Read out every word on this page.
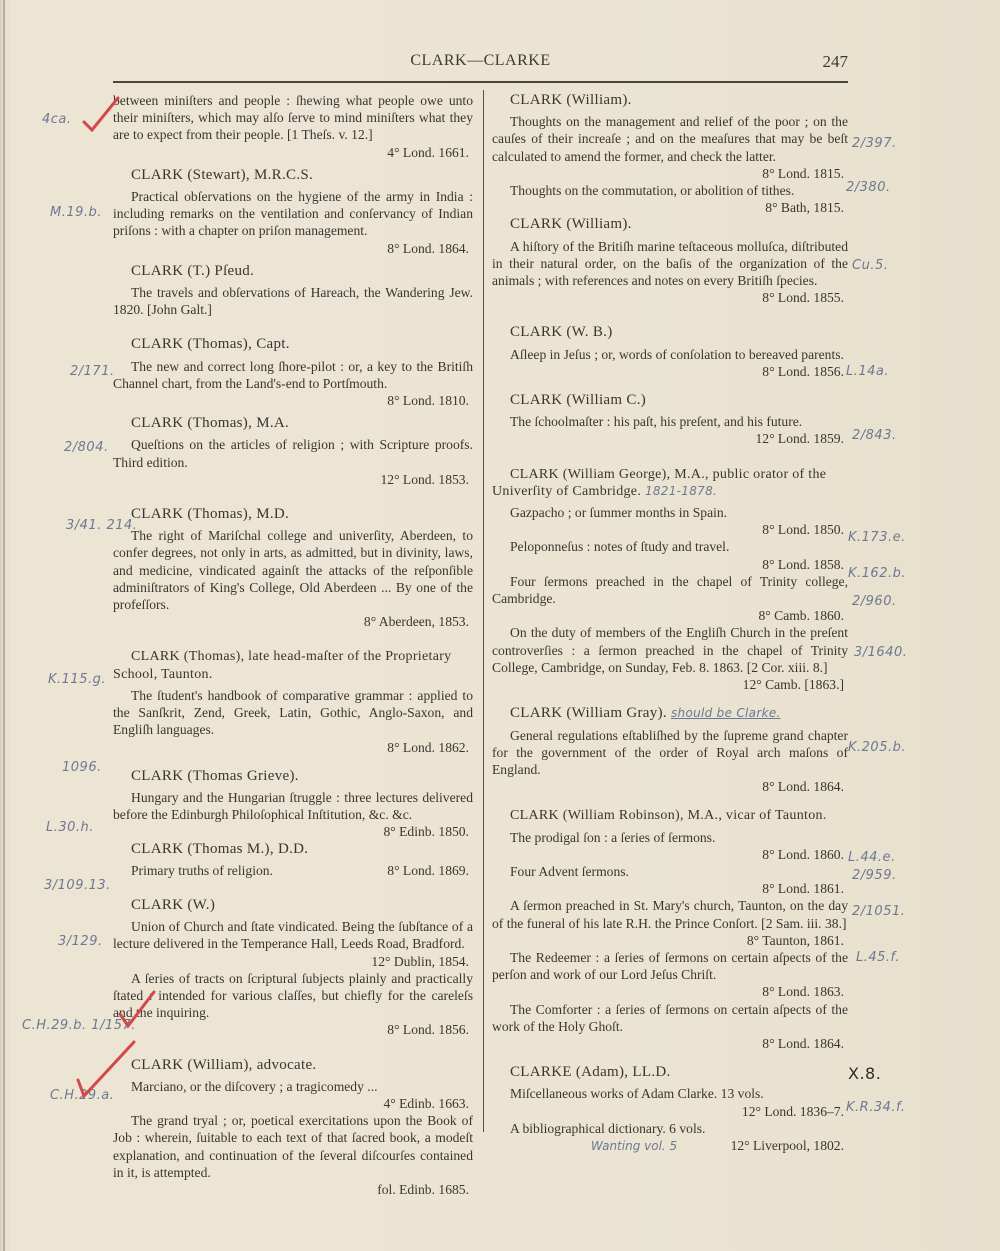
CLARK—CLARKE	247

between miniſters and people : ſhewing what people owe unto their miniſters, which may alſo ſerve to mind miniſters what they are to expect from their people. [1 Theſs. v. 12.]

4° Lond. 1661.

CLARK (Stewart), M.R.C.S.

Practical obſervations on the hygiene of the army in India : including remarks on the ventilation and conſervancy of Indian priſons : with a chapter on priſon management.

8° Lond. 1864.

CLARK (T.) Pſeud.

The travels and obſervations of Hareach, the Wandering Jew. 1820. [John Galt.]

CLARK (Thomas), Capt.

The new and correct long ſhore-pilot : or, a key to the Britiſh Channel chart, from the Land's-end to Portſmouth.

8° Lond. 1810.

CLARK (Thomas), M.A.

Queſtions on the articles of religion ; with Scripture proofs. Third edition.

12° Lond. 1853.

CLARK (Thomas), M.D.

The right of Mariſchal college and univerſity, Aberdeen, to confer degrees, not only in arts, as admitted, but in divinity, laws, and medicine, vindicated againſt the attacks of the reſponſible adminiſtrators of King's College, Old Aberdeen ... By one of the profeſſors.

8° Aberdeen, 1853.

CLARK (Thomas), late head-maſter of the Proprietary School, Taunton.

The ſtudent's handbook of comparative grammar : applied to the Sanſkrit, Zend, Greek, Latin, Gothic, Anglo-Saxon, and Engliſh languages.

8° Lond. 1862.

CLARK (Thomas Grieve).

Hungary and the Hungarian ſtruggle : three lectures delivered before the Edinburgh Philoſophical Inſtitution, &c. &c.

8° Edinb. 1850.

CLARK (Thomas M.), D.D.

Primary truths of religion.	8° Lond. 1869.

CLARK (W.)

Union of Church and ſtate vindicated. Being the ſubſtance of a lecture delivered in the Temperance Hall, Leeds Road, Bradford.

12° Dublin, 1854.

A ſeries of tracts on ſcriptural ſubjects plainly and practically ſtated : intended for various claſſes, but chiefly for the careleſs and the inquiring.

8° Lond. 1856.

CLARK (William), advocate.

Marciano, or the diſcovery ; a tragicomedy ...

4° Edinb. 1663.

The grand tryal ; or, poetical exercitations upon the Book of Job : wherein, ſuitable to each text of that ſacred book, a modeſt explanation, and continuation of the ſeveral diſcourſes contained in it, is attempted.

fol. Edinb. 1685.

CLARK (William).

Thoughts on the management and relief of the poor ; on the cauſes of their increaſe ; and on the meaſures that may be beſt calculated to amend the former, and check the latter.

8° Lond. 1815.

Thoughts on the commutation, or abolition of tithes.

8° Bath, 1815.

CLARK (William).

A hiſtory of the Britiſh marine teſtaceous molluſca, diſtributed in their natural order, on the baſis of the organization of the animals ; with references and notes on every Britiſh ſpecies.

8° Lond. 1855.

CLARK (W. B.)

Aſleep in Jeſus ; or, words of conſolation to bereaved parents.

8° Lond. 1856.

CLARK (William C.)

The ſchoolmaſter : his paſt, his preſent, and his future.

12° Lond. 1859.

CLARK (William George), M.A., public orator of the Univerſity of Cambridge. 1821-1878.

Gazpacho ; or ſummer months in Spain.

8° Lond. 1850.

Peloponneſus : notes of ſtudy and travel.

8° Lond. 1858.

Four ſermons preached in the chapel of Trinity college, Cambridge.

8° Camb. 1860.

On the duty of members of the Engliſh Church in the preſent controverſies : a ſermon preached in the chapel of Trinity College, Cambridge, on Sunday, Feb. 8. 1863. [2 Cor. xiii. 8.]

12° Camb. [1863.]

CLARK (William Gray). should be Clarke.

General regulations eſtabliſhed by the ſupreme grand chapter for the government of the order of Royal arch maſons of England.

8° Lond. 1864.

CLARK (William Robinson), M.A., vicar of Taunton.

The prodigal ſon : a ſeries of ſermons.

8° Lond. 1860.

Four Advent ſermons.

8° Lond. 1861.

A ſermon preached in St. Mary's church, Taunton, on the day of the funeral of his late R.H. the Prince Conſort. [2 Sam. iii. 38.]

8° Taunton, 1861.

The Redeemer : a ſeries of ſermons on certain aſpects of the perſon and work of our Lord Jeſus Chriſt.

8° Lond. 1863.

The Comforter : a ſeries of ſermons on certain aſpects of the work of the Holy Ghoſt.

8° Lond. 1864.

CLARKE (Adam), LL.D.

Miſcellaneous works of Adam Clarke. 13 vols.

12° Lond. 1836–7.

A bibliographical dictionary. 6 vols.

Wanting vol. 5	12° Liverpool, 1802.

4ca.
M.19.b.
2/171.
2/804.
3/41. 214.
K.115.g.
1096.
L.30.h.
3/109.13.
3/129.
C.H.29.b. 1/157.
C.H.29.a.
2/397.
2/380.
Cu.5.
L.14a.
2/843.
K.173.e.
K.162.b.
2/960.
3/1640.
K.205.b.
L.44.e.
2/959.
2/1051.
L.45.f.
X.8.
K.R.34.f.
